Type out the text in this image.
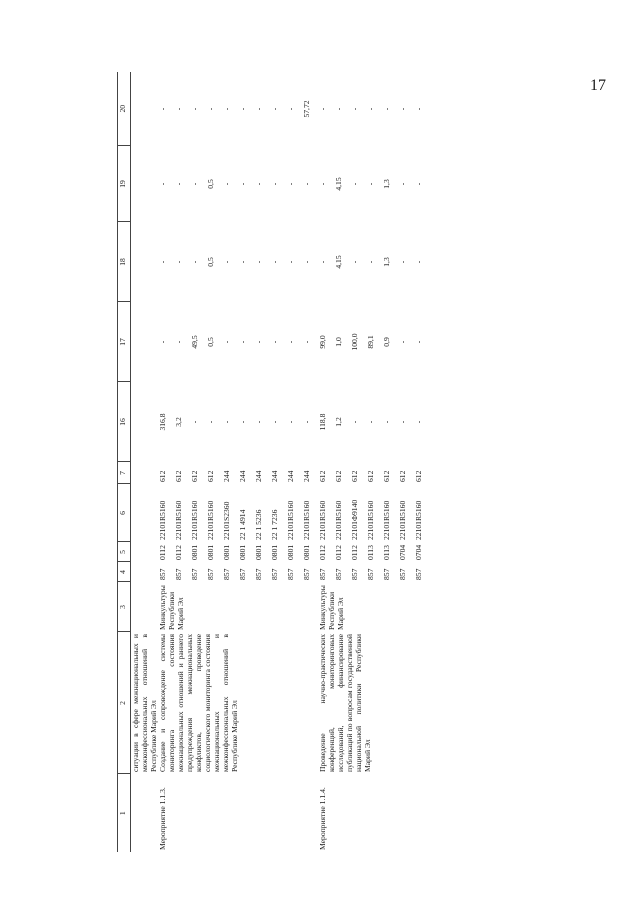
17
1	2	3	4	5	6	7	16	17	18	19	20
	ситуации в сфере межнациональных и межконфессиональных отношений в Республике Марий Эл										
Мероприятие 1.1.3.	Создание и сопровождение системы мониторинга состояния межнациональных отношений и раннего предупреждения межнациональных конфликтов, проведение социологического мониторинга состояния межнациональных и межконфессиональных отношений в Республике Марий Эл	Минкультуры Республики Марий Эл	857	0112	22101R5160	612	316,8	-	-	-	-
			857	0112	22101R5160	612	3,2	-	-	-	-
			857	0801	22101R5160	612	-	49,5	-	-	-
			857	0801	22101R5160	612	-	0,5	0,5	0,5	-
			857	0801	22101S2360	244	-	-	-	-	-
			857	0801	22 1 4914	244	-	-	-	-	-
			857	0801	22 1 5236	244	-	-	-	-	-
			857	0801	22 1 7236	244	-	-	-	-	-
			857	0801	22101R5160	244	-	-	-	-	-
			857	0801	22101R5160	244	-	-	-	-	57,72
Мероприятие 1.1.4.	Проведение научно-практических конференций, мониторинговых исследований, финансирование публикаций по вопросам государственной национальной политики Республики Марий Эл	Минкультуры Республики Марий Эл	857	0112	22101R5160	612	118,8	99,0	-	-	-
			857	0112	22101R5160	612	1,2	1,0	4,15	4,15	-
			857	0112	22101Ф9140	612	-	100,0	-	-	-
			857	0113	22101R5160	612	-	89,1	-	-	-
			857	0113	22101R5160	612	-	0,9	1,3	1,3	-
			857	0704	22101R5160	612	-	-	-	-	-
			857	0704	22101R5160	612	-	-	-	-	-
